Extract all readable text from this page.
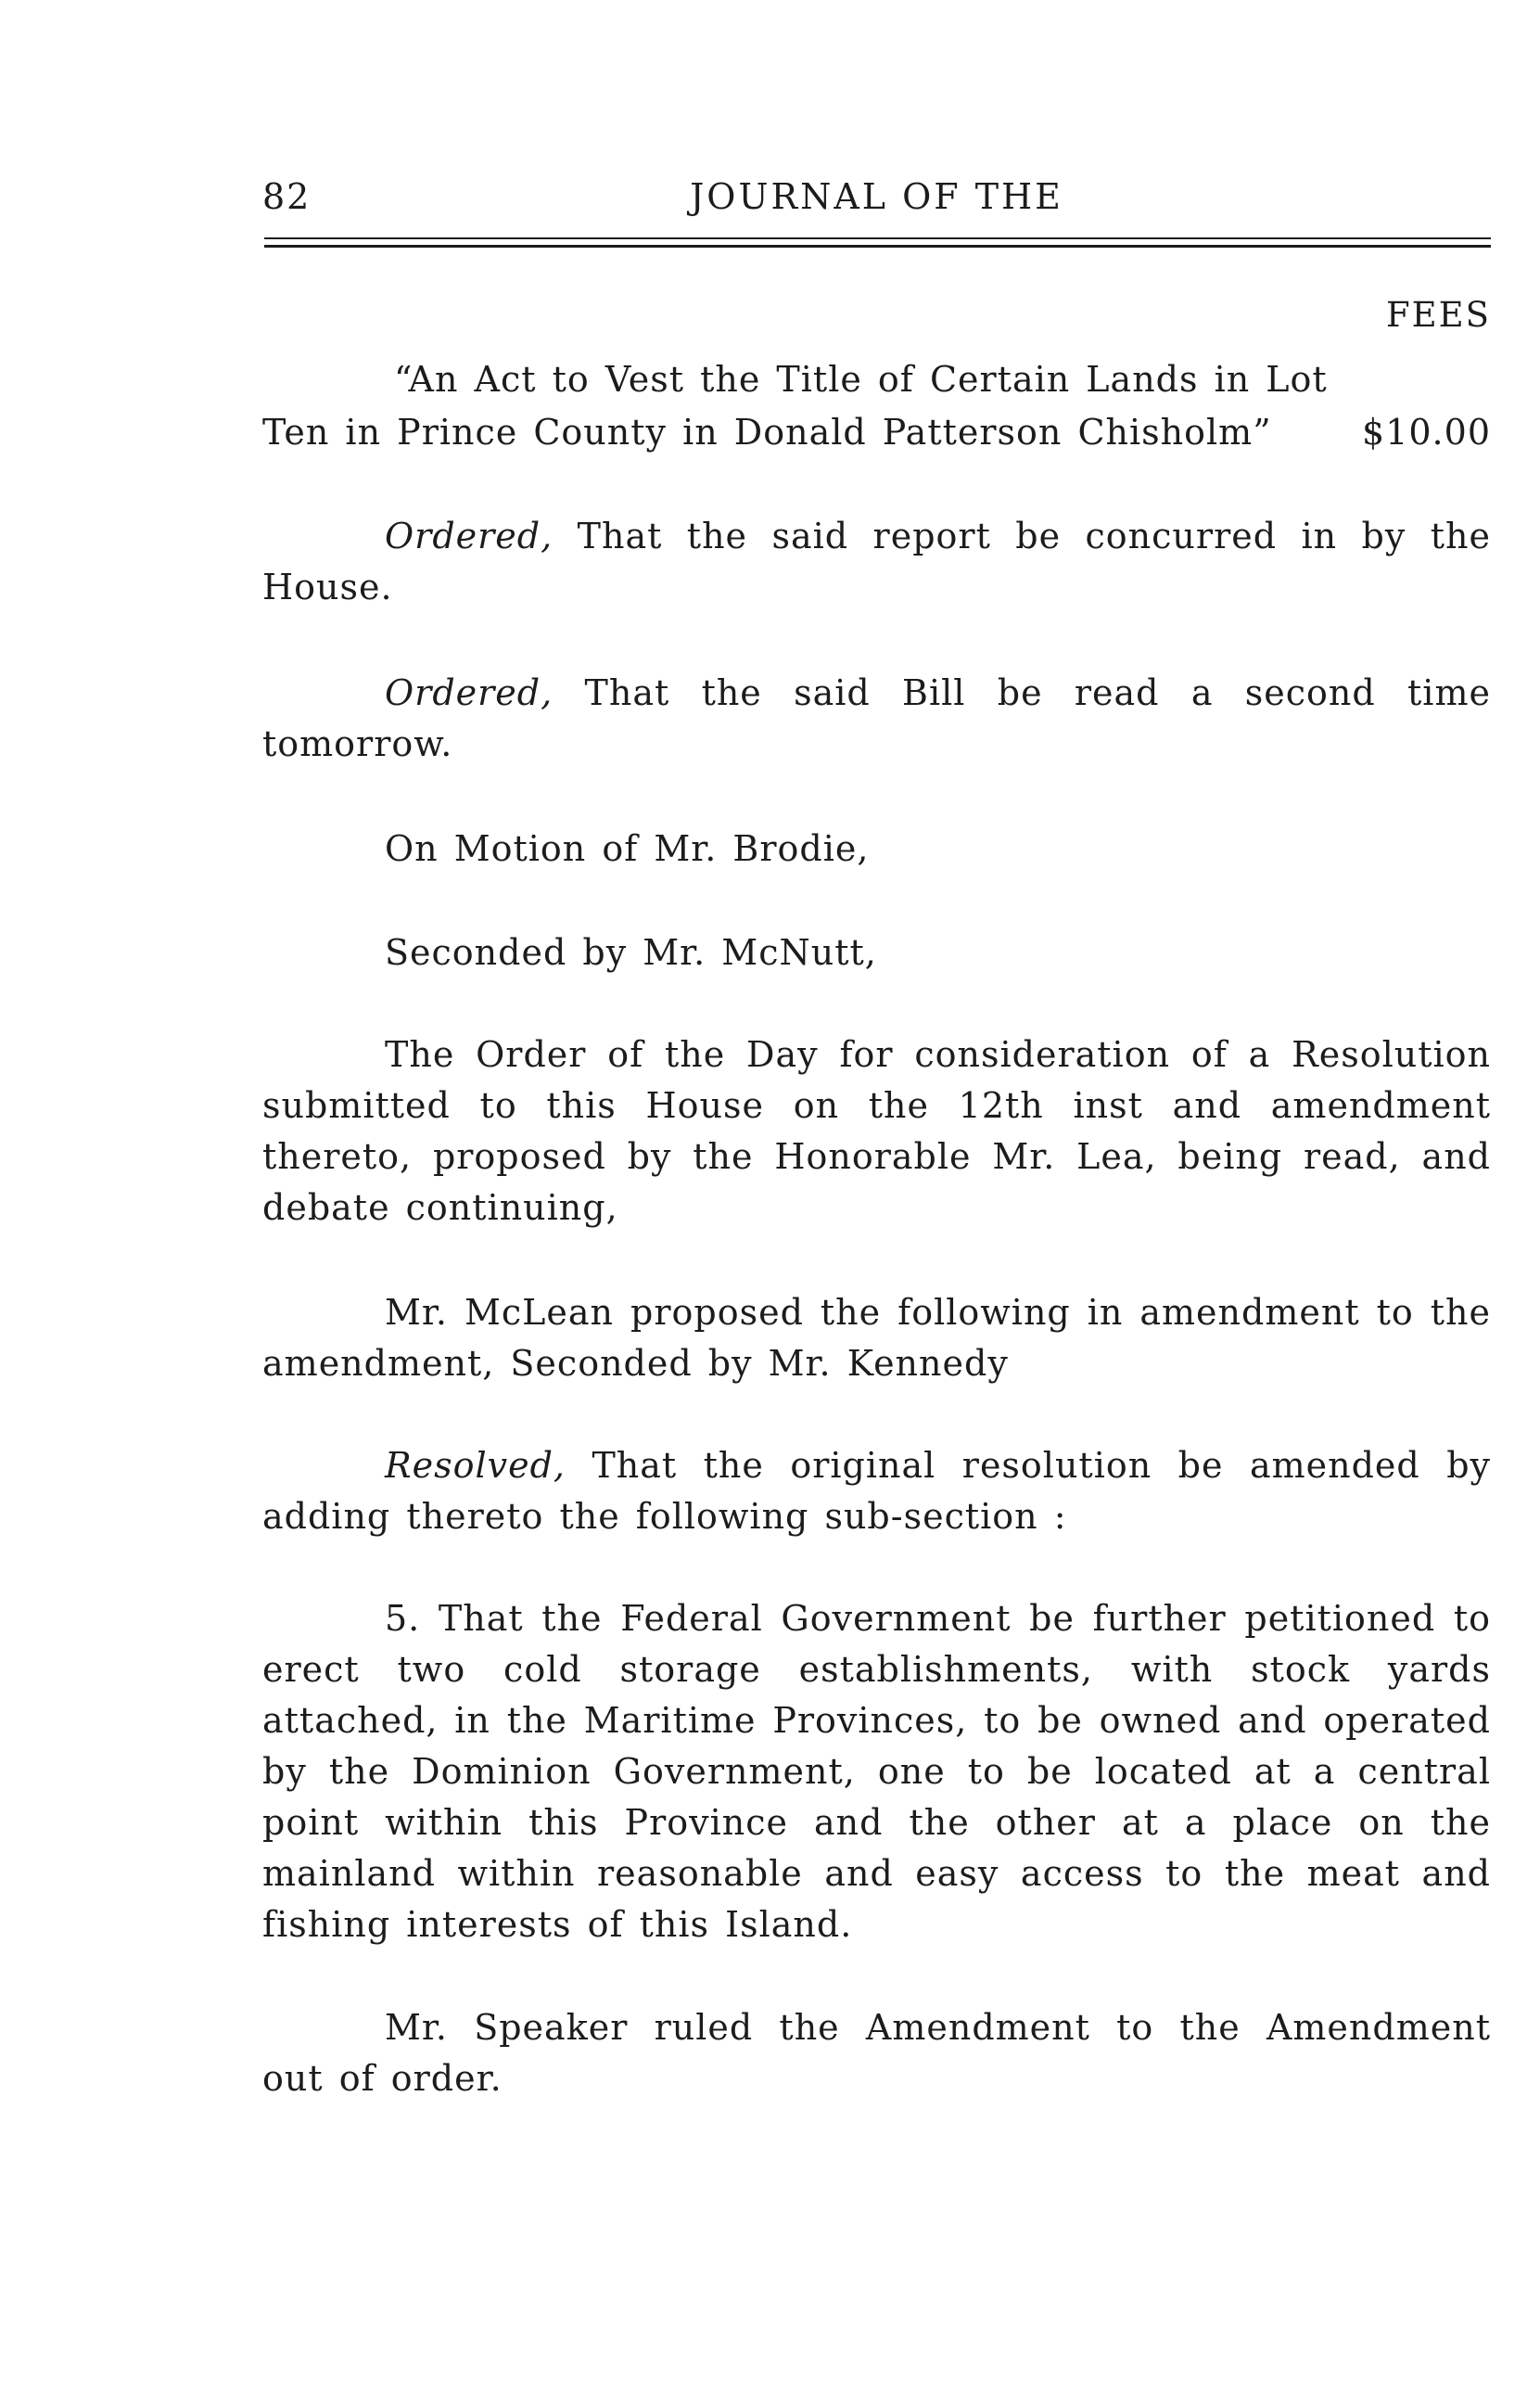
82	JOURNAL OF THE
FEES
“An Act to Vest the Title of Certain Lands in Lot
Ten in Prince County in Donald Patterson Chisholm”	$10.00
Ordered, That the said report be concurred in by the House.
Ordered, That the said Bill be read a second time tomorrow.
On Motion of Mr. Brodie,
Seconded by Mr. McNutt,
The Order of the Day for consideration of a Resolution submitted to this House on the 12th inst and amendment thereto, proposed by the Honorable Mr. Lea, being read, and debate continuing,
Mr. McLean proposed the following in amendment to the amendment, Seconded by Mr. Kennedy
Resolved, That the original resolution be amended by adding thereto the following sub-section :
5. That the Federal Government be further petitioned to erect two cold storage establishments, with stock yards attached, in the Maritime Provinces, to be owned and operated by the Dominion Government, one to be located at a central point within this Province and the other at a place on the mainland within reasonable and easy access to the meat and fishing interests of this Island.
Mr. Speaker ruled the Amendment to the Amendment out of order.
